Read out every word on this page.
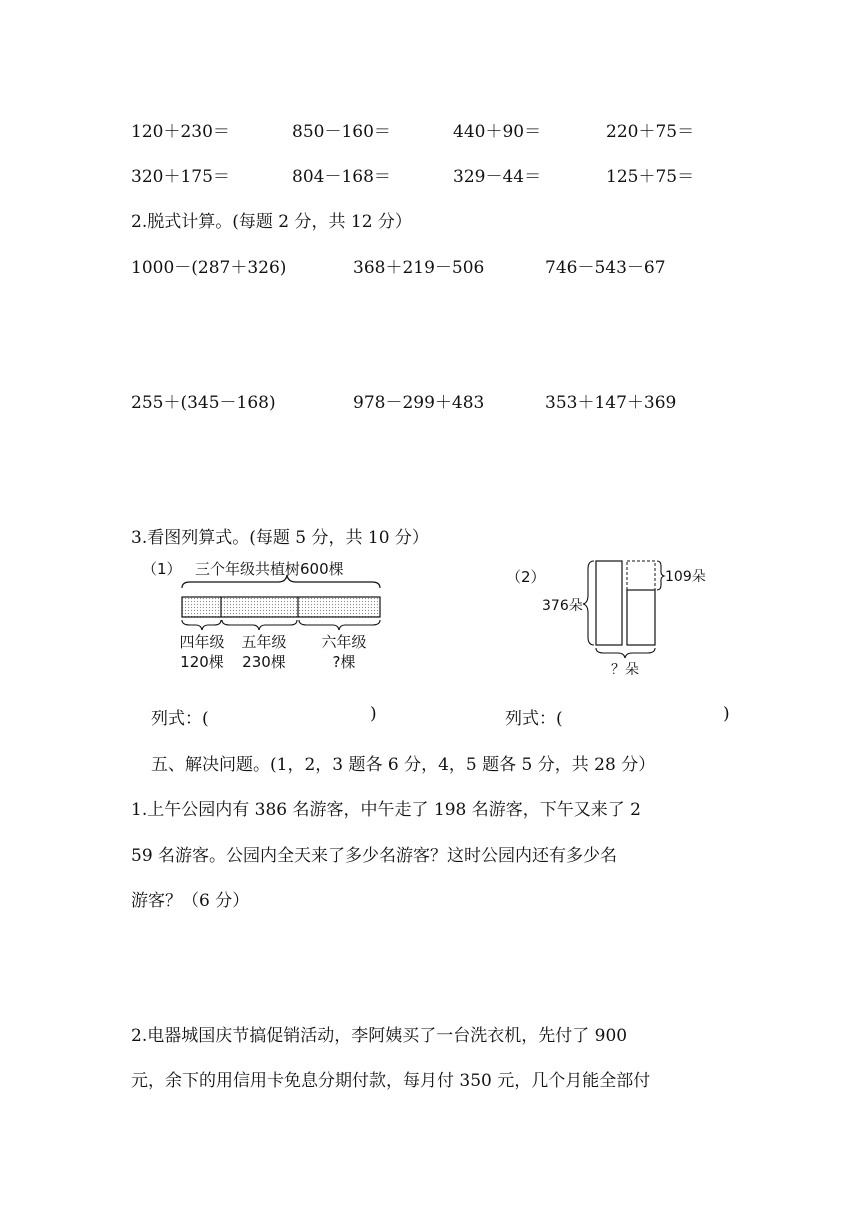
120＋230＝	850－160＝	440＋90＝	220＋75＝
320＋175＝	804－168＝	329－44＝	125＋75＝
2.脱式计算。(每题 2 分，共 12 分）
1000－(287＋326)	368＋219－506	746－543－67
255＋(345－168)	978－299＋483	353＋147＋369
3.看图列算式。(每题 5 分，共 10 分）
（1） 三个年级共植树600棵
四年级
120棵
五年级
230棵
六年级
?棵
（2）
376朵
109朵
？朵
列式：(	)	列式：(	)
五、解决问题。(1，2，3 题各 6 分，4，5 题各 5 分，共 28 分）
1.上午公园内有 386 名游客，中午走了 198 名游客，下午又来了 2
59 名游客。公园内全天来了多少名游客？这时公园内还有多少名
游客？（6 分）
2.电器城国庆节搞促销活动，李阿姨买了一台洗衣机，先付了 900
元，余下的用信用卡免息分期付款，每月付 350 元，几个月能全部付
